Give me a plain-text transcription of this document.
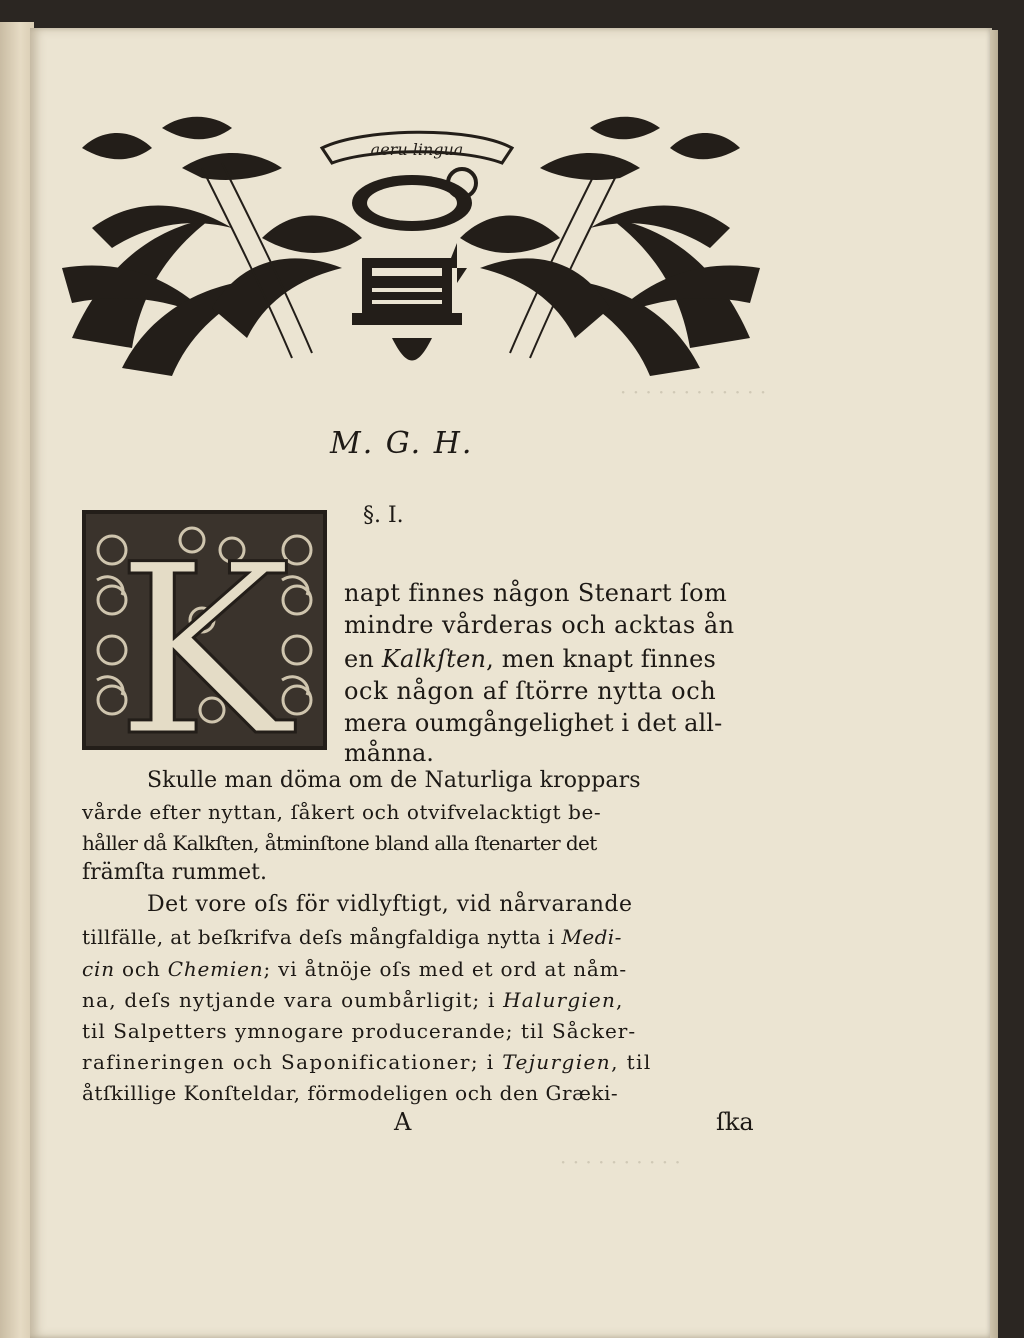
· · · · · · · · · · · ·
· · · · · · · · · ·
aeru lingua
M. G. H.
§. I.
K napt finnes någon Stenart ſom
mindre vårderas och acktas ån
en Kalkſten, men knapt finnes
ock någon af ſtörre nytta och
mera oumgångelighet i det all-
månna.
Skulle man döma om de Naturliga kroppars
vårde efter nyttan, ſåkert och otvifvelacktigt be-
håller då Kalkſten, åtminſtone bland alla ſtenarter det
främſta rummet.
Det vore oſs för vidlyftigt, vid nårvarande
tillfälle, at beſkrifva deſs mångfaldiga nytta i Medi-
cin och Chemien; vi åtnöje oſs med et ord at nåm-
na, deſs nytjande vara oumbårligit; i Halurgien,
til Salpetters ymnogare producerande; til Såcker-
rafineringen och Saponificationer; i Tejurgien, til
åtſkillige Konſteldar, förmodeligen och den Græki-
A	ſka
